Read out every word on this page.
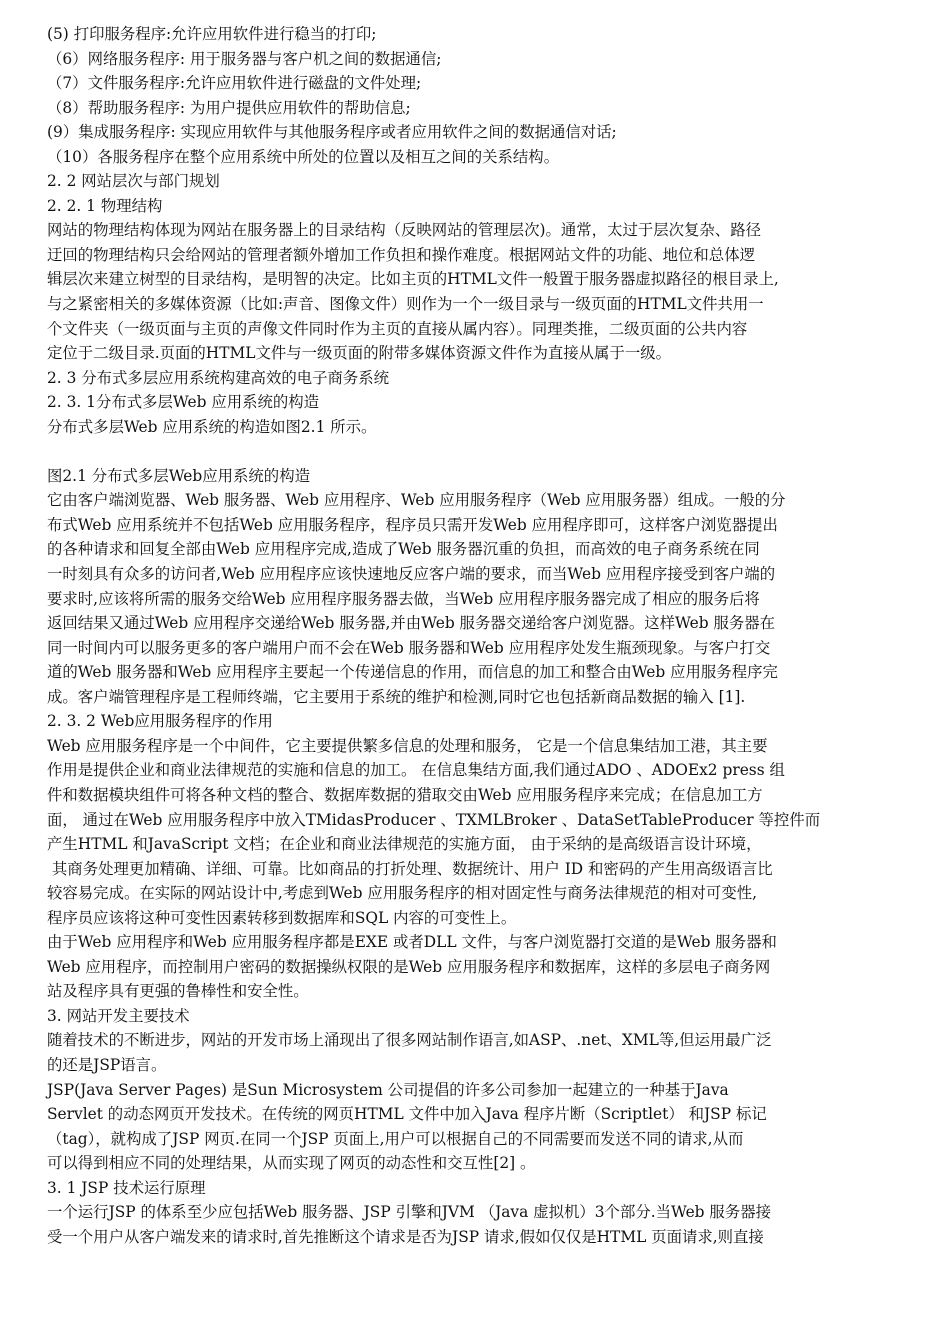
(5) 打印服务程序:允许应用软件进行稳当的打印;
（6）网络服务程序: 用于服务器与客户机之间的数据通信;
（7）文件服务程序:允许应用软件进行磁盘的文件处理;
（8）帮助服务程序: 为用户提供应用软件的帮助信息;
(9）集成服务程序: 实现应用软件与其他服务程序或者应用软件之间的数据通信对话;
（10）各服务程序在整个应用系统中所处的位置以及相互之间的关系结构。
2. 2 网站层次与部门规划
2. 2. 1 物理结构
网站的物理结构体现为网站在服务器上的目录结构（反映网站的管理层次)。通常，太过于层次复杂、路径
迂回的物理结构只会给网站的管理者额外增加工作负担和操作难度。根据网站文件的功能、地位和总体逻
辑层次来建立树型的目录结构，是明智的决定。比如主页的HTML文件一般置于服务器虚拟路径的根目录上,
与之紧密相关的多媒体资源（比如:声音、图像文件）则作为一个一级目录与一级页面的HTML文件共用一
个文件夹（一级页面与主页的声像文件同时作为主页的直接从属内容）。同理类推，二级页面的公共内容
定位于二级目录.页面的HTML文件与一级页面的附带多媒体资源文件作为直接从属于一级。
2. 3 分布式多层应用系统构建高效的电子商务系统
2. 3. 1分布式多层Web 应用系统的构造
分布式多层Web 应用系统的构造如图2.1 所示。
图2.1 分布式多层Web应用系统的构造
它由客户端浏览器、Web 服务器、Web 应用程序、Web 应用服务程序（Web 应用服务器）组成。一般的分
布式Web 应用系统并不包括Web 应用服务程序，程序员只需开发Web 应用程序即可，这样客户浏览器提出
的各种请求和回复全部由Web 应用程序完成,造成了Web 服务器沉重的负担，而高效的电子商务系统在同
一时刻具有众多的访问者,Web 应用程序应该快速地反应客户端的要求，而当Web 应用程序接受到客户端的
要求时,应该将所需的服务交给Web 应用程序服务器去做，当Web 应用程序服务器完成了相应的服务后将
返回结果又通过Web 应用程序交递给Web 服务器,并由Web 服务器交递给客户浏览器。这样Web 服务器在
同一时间内可以服务更多的客户端用户而不会在Web 服务器和Web 应用程序处发生瓶颈现象。与客户打交
道的Web 服务器和Web 应用程序主要起一个传递信息的作用，而信息的加工和整合由Web 应用服务程序完
成。客户端管理程序是工程师终端，它主要用于系统的维护和检测,同时它也包括新商品数据的输入 [1].
2. 3. 2 Web应用服务程序的作用
Web 应用服务程序是一个中间件，它主要提供繁多信息的处理和服务， 它是一个信息集结加工港，其主要
作用是提供企业和商业法律规范的实施和信息的加工。 在信息集结方面,我们通过ADO 、ADOEx2 press 组
件和数据模块组件可将各种文档的整合、数据库数据的猎取交由Web 应用服务程序来完成；在信息加工方
面， 通过在Web 应用服务程序中放入TMidasProducer 、TXMLBroker 、DataSetTableProducer 等控件而
产生HTML 和JavaScript 文档；在企业和商业法律规范的实施方面， 由于采纳的是高级语言设计环境，
其商务处理更加精确、详细、可靠。比如商品的打折处理、数据统计、用户 ID 和密码的产生用高级语言比
较容易完成。在实际的网站设计中,考虑到Web 应用服务程序的相对固定性与商务法律规范的相对可变性,
程序员应该将这种可变性因素转移到数据库和SQL 内容的可变性上。
由于Web 应用程序和Web 应用服务程序都是EXE 或者DLL 文件，与客户浏览器打交道的是Web 服务器和
Web 应用程序，而控制用户密码的数据操纵权限的是Web 应用服务程序和数据库，这样的多层电子商务网
站及程序具有更强的鲁棒性和安全性。
3. 网站开发主要技术
随着技术的不断进步，网站的开发市场上涌现出了很多网站制作语言,如ASP、.net、XML等,但运用最广泛
的还是JSP语言。
JSP(Java Server Pages) 是Sun Microsystem 公司提倡的许多公司参加一起建立的一种基于Java
Servlet 的动态网页开发技术。在传统的网页HTML 文件中加入Java 程序片断（Scriptlet） 和JSP 标记
（tag），就构成了JSP 网页.在同一个JSP 页面上,用户可以根据自己的不同需要而发送不同的请求,从而
可以得到相应不同的处理结果，从而实现了网页的动态性和交互性[2] 。
3. 1 JSP 技术运行原理
一个运行JSP 的体系至少应包括Web 服务器、JSP 引擎和JVM （Java 虚拟机）3个部分.当Web 服务器接
受一个用户从客户端发来的请求时,首先推断这个请求是否为JSP 请求,假如仅仅是HTML 页面请求,则直接
